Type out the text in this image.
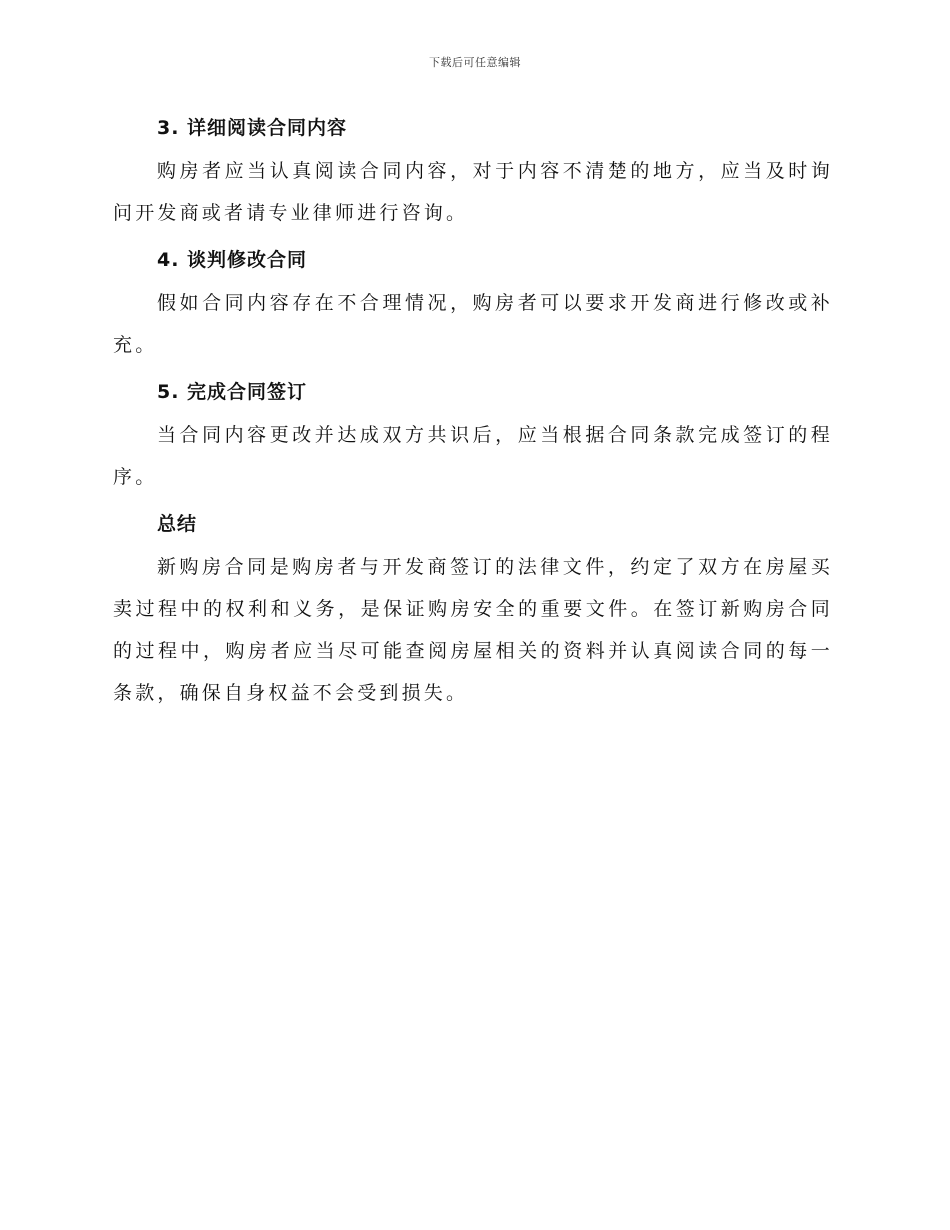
下载后可任意编辑
3. 详细阅读合同内容

购房者应当认真阅读合同内容，对于内容不清楚的地方，应当及时询问开发商或者请专业律师进行咨询。

4. 谈判修改合同

假如合同内容存在不合理情况，购房者可以要求开发商进行修改或补充。

5. 完成合同签订

当合同内容更改并达成双方共识后，应当根据合同条款完成签订的程序。

总结

新购房合同是购房者与开发商签订的法律文件，约定了双方在房屋买卖过程中的权利和义务，是保证购房安全的重要文件。在签订新购房合同的过程中，购房者应当尽可能查阅房屋相关的资料并认真阅读合同的每一条款，确保自身权益不会受到损失。
